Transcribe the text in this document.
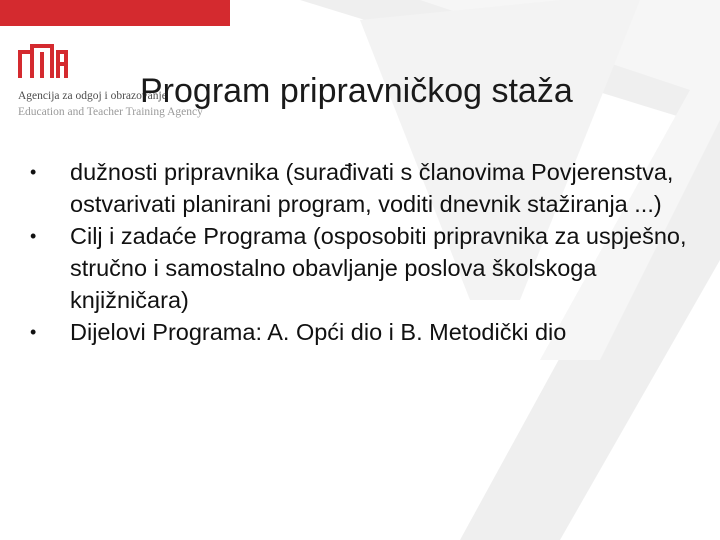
Agencija za odgoj i obrazovanje
Education and Teacher Training Agency
Program pripravničkog staža
• dužnosti pripravnika (surađivati s članovima Povjerenstva, ostvarivati planirani program, voditi dnevnik stažiranja ...)
• Cilj i zadaće Programa (osposobiti pripravnika za uspješno, stručno i samostalno obavljanje poslova školskoga knjižničara)
• Dijelovi Programa: A. Opći dio i B. Metodički dio
